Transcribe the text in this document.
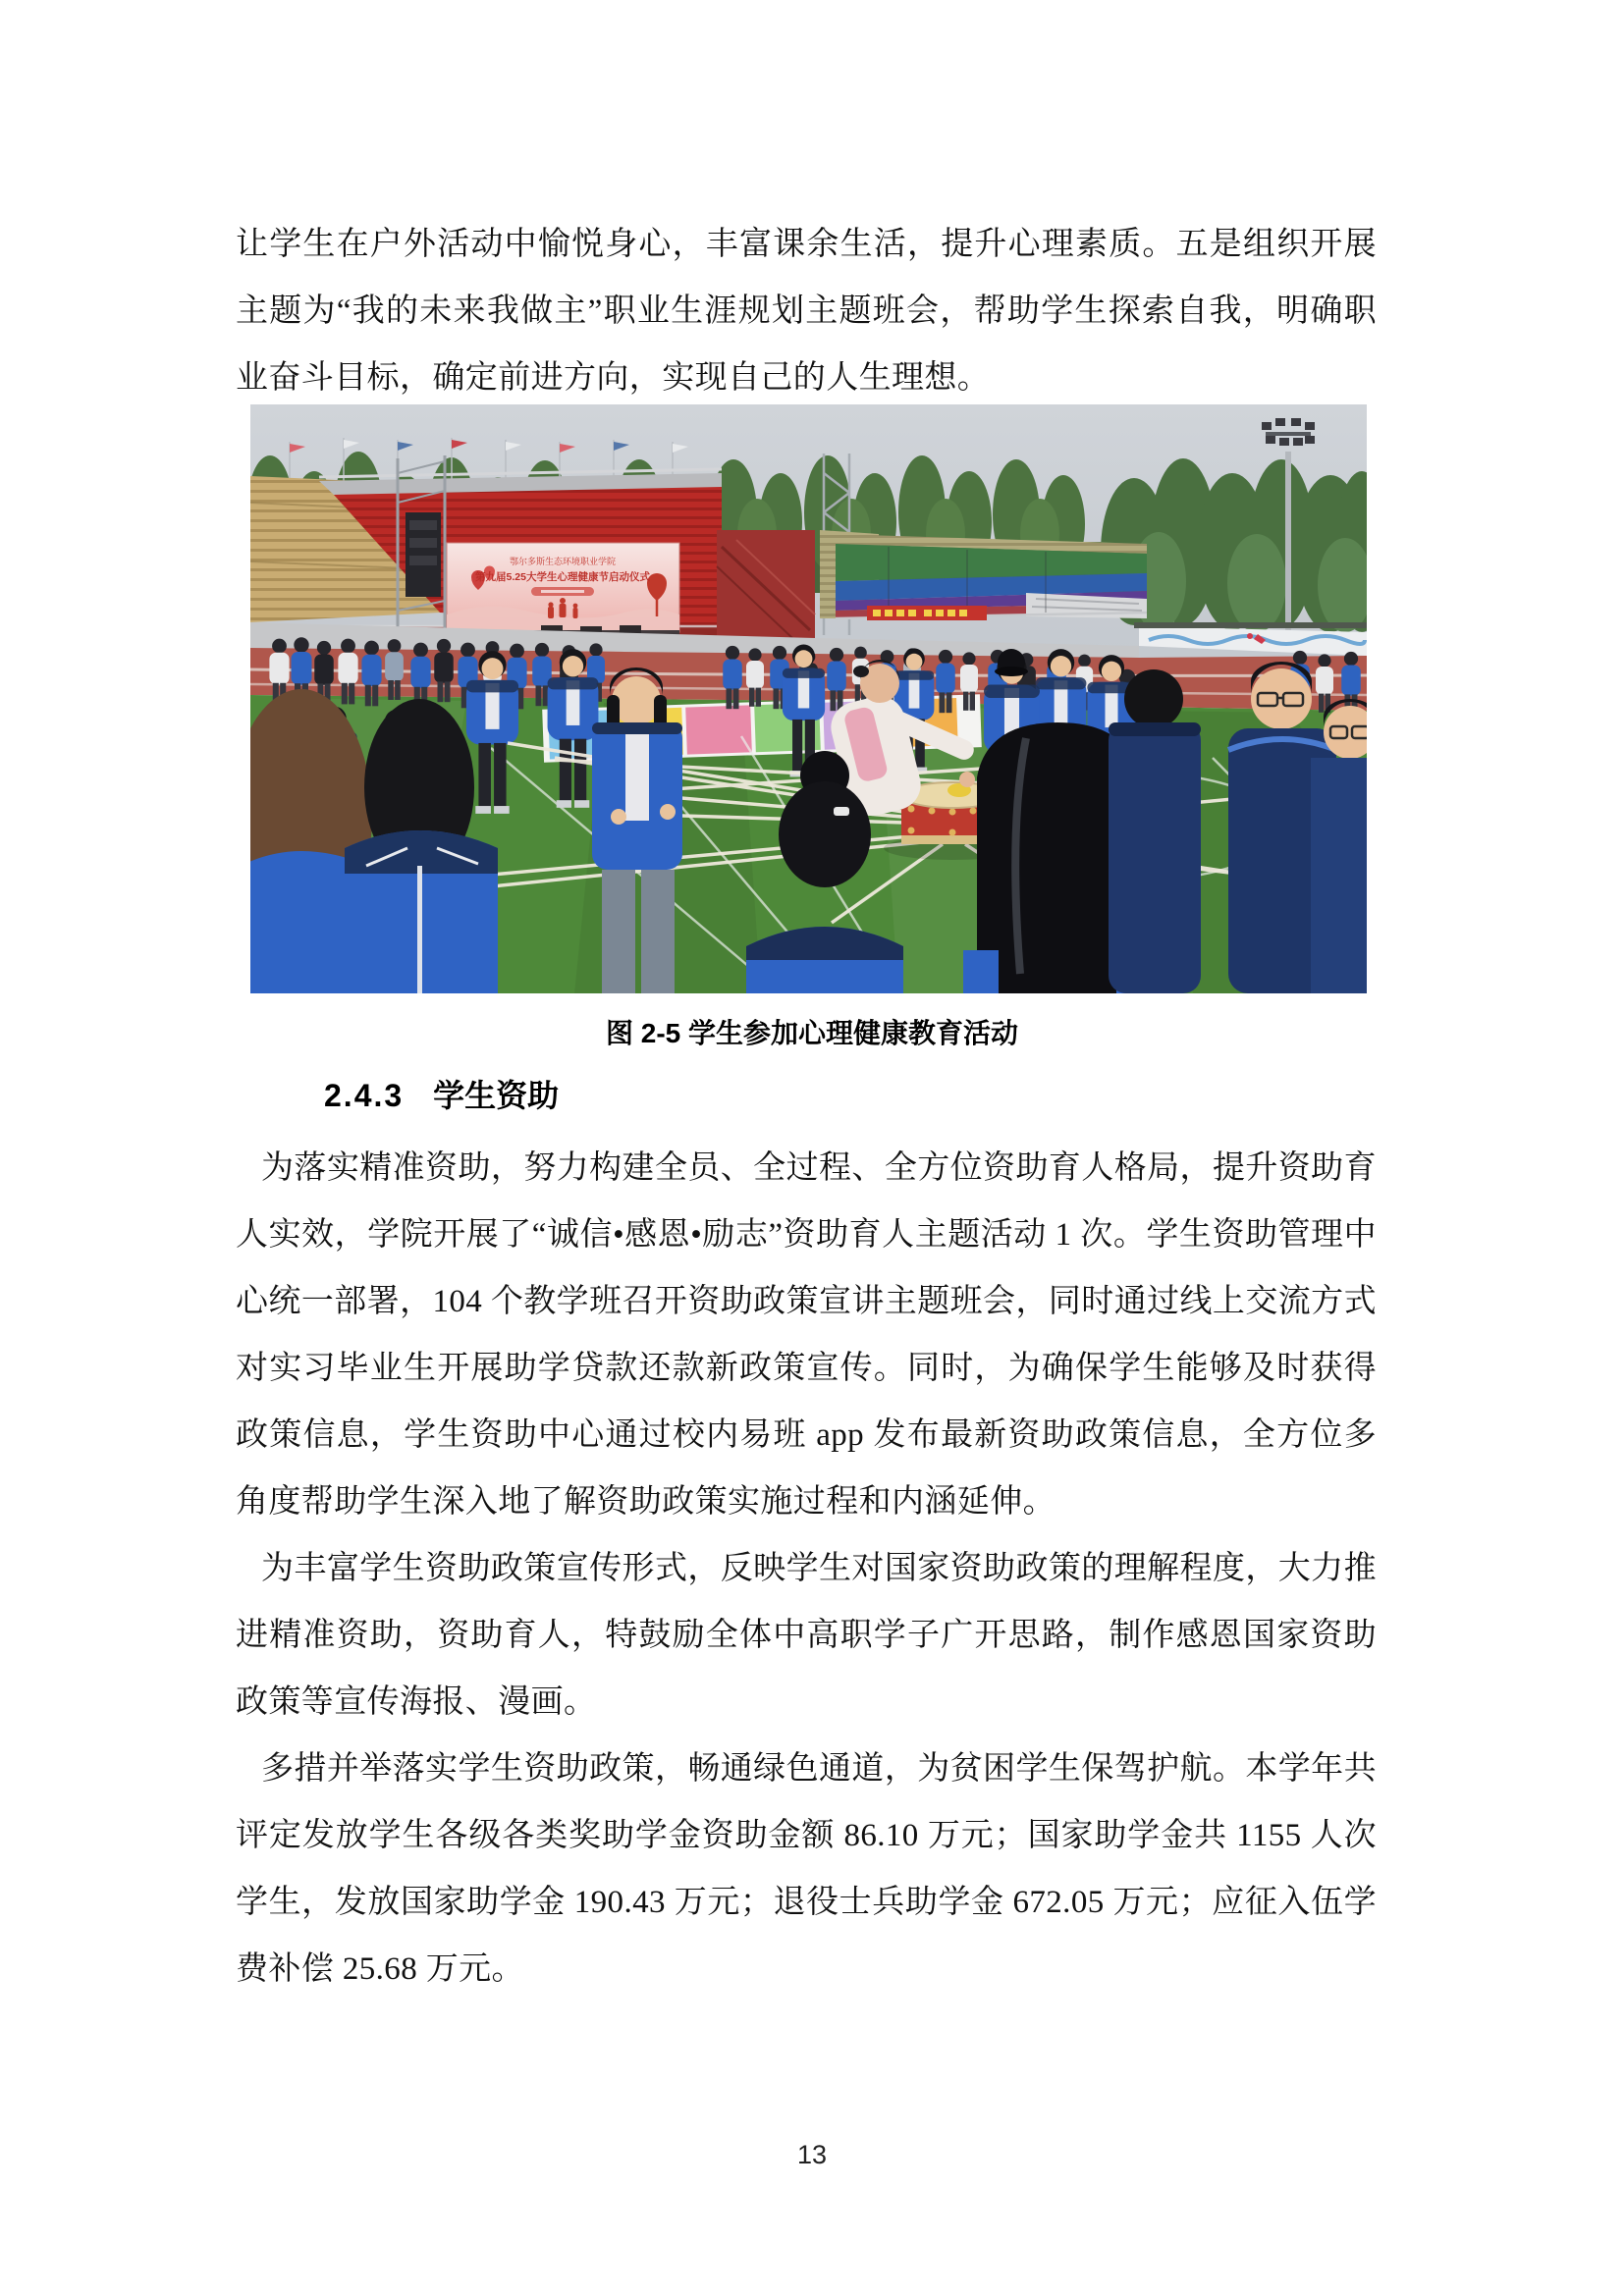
让学生在户外活动中愉悦身心，丰富课余生活，提升心理素质。五是组织开展主题为“我的未来我做主”职业生涯规划主题班会，帮助学生探索自我，明确职业奋斗目标，确定前进方向，实现自己的人生理想。

鄂尔多斯生态环境职业学院
第九届5.25大学生心理健康节启动仪式
图 2-5 学生参加心理健康教育活动
2.4.3 学生资助

为落实精准资助，努力构建全员、全过程、全方位资助育人格局，提升资助育人实效，学院开展了“诚信•感恩•励志”资助育人主题活动 1 次。学生资助管理中心统一部署，104 个教学班召开资助政策宣讲主题班会，同时通过线上交流方式对实习毕业生开展助学贷款还款新政策宣传。同时，为确保学生能够及时获得政策信息，学生资助中心通过校内易班 app 发布最新资助政策信息，全方位多角度帮助学生深入地了解资助政策实施过程和内涵延伸。

为丰富学生资助政策宣传形式，反映学生对国家资助政策的理解程度，大力推进精准资助，资助育人，特鼓励全体中高职学子广开思路，制作感恩国家资助政策等宣传海报、漫画。

多措并举落实学生资助政策，畅通绿色通道，为贫困学生保驾护航。本学年共评定发放学生各级各类奖助学金资助金额 86.10 万元；国家助学金共 1155 人次学生，发放国家助学金 190.43 万元；退役士兵助学金 672.05 万元；应征入伍学费补偿 25.68 万元。

13
